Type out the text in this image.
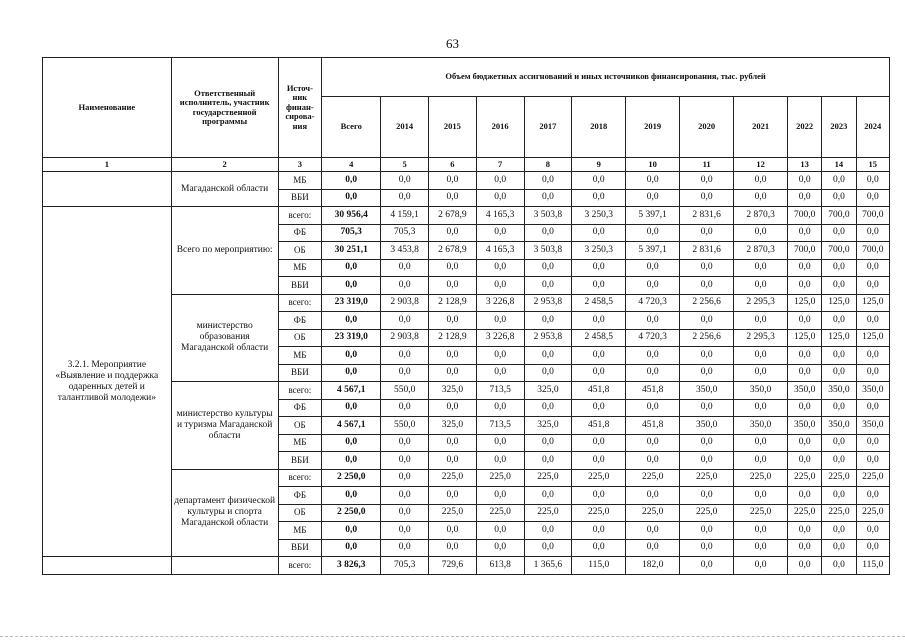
63
Наименование	Ответственный исполнитель, участник государственной программы	Источ-ник финан-сирова-ния	Объем бюджетных ассигнований и иных источников финансирования, тыс. рублей											
			Всего	2014	2015	2016	2017	2018	2019	2020	2021	2022	2023	2024
1	2	3	4	5	6	7	8	9	10	11	12	13	14	15
	Магаданской области	МБ	0,0	0,0	0,0	0,0	0,0	0,0	0,0	0,0	0,0	0,0	0,0	0,0
		ВБИ	0,0	0,0	0,0	0,0	0,0	0,0	0,0	0,0	0,0	0,0	0,0	0,0
3.2.1. Мероприятие «Выявление и поддержка одаренных детей и талантливой молодежи»	Всего по мероприятию:	всего:	30 956,4	4 159,1	2 678,9	4 165,3	3 503,8	3 250,3	5 397,1	2 831,6	2 870,3	700,0	700,0	700,0
		ФБ	705,3	705,3	0,0	0,0	0,0	0,0	0,0	0,0	0,0	0,0	0,0	0,0
		ОБ	30 251,1	3 453,8	2 678,9	4 165,3	3 503,8	3 250,3	5 397,1	2 831,6	2 870,3	700,0	700,0	700,0
		МБ	0,0	0,0	0,0	0,0	0,0	0,0	0,0	0,0	0,0	0,0	0,0	0,0
		ВБИ	0,0	0,0	0,0	0,0	0,0	0,0	0,0	0,0	0,0	0,0	0,0	0,0
	министерство образования Магаданской области	всего:	23 319,0	2 903,8	2 128,9	3 226,8	2 953,8	2 458,5	4 720,3	2 256,6	2 295,3	125,0	125,0	125,0
		ФБ	0,0	0,0	0,0	0,0	0,0	0,0	0,0	0,0	0,0	0,0	0,0	0,0
		ОБ	23 319,0	2 903,8	2 128,9	3 226,8	2 953,8	2 458,5	4 720,3	2 256,6	2 295,3	125,0	125,0	125,0
		МБ	0,0	0,0	0,0	0,0	0,0	0,0	0,0	0,0	0,0	0,0	0,0	0,0
		ВБИ	0,0	0,0	0,0	0,0	0,0	0,0	0,0	0,0	0,0	0,0	0,0	0,0
	министерство культуры и туризма Магаданской области	всего:	4 567,1	550,0	325,0	713,5	325,0	451,8	451,8	350,0	350,0	350,0	350,0	350,0
		ФБ	0,0	0,0	0,0	0,0	0,0	0,0	0,0	0,0	0,0	0,0	0,0	0,0
		ОБ	4 567,1	550,0	325,0	713,5	325,0	451,8	451,8	350,0	350,0	350,0	350,0	350,0
		МБ	0,0	0,0	0,0	0,0	0,0	0,0	0,0	0,0	0,0	0,0	0,0	0,0
		ВБИ	0,0	0,0	0,0	0,0	0,0	0,0	0,0	0,0	0,0	0,0	0,0	0,0
	департамент физической культуры и спорта Магаданской области	всего:	2 250,0	0,0	225,0	225,0	225,0	225,0	225,0	225,0	225,0	225,0	225,0	225,0
		ФБ	0,0	0,0	0,0	0,0	0,0	0,0	0,0	0,0	0,0	0,0	0,0	0,0
		ОБ	2 250,0	0,0	225,0	225,0	225,0	225,0	225,0	225,0	225,0	225,0	225,0	225,0
		МБ	0,0	0,0	0,0	0,0	0,0	0,0	0,0	0,0	0,0	0,0	0,0	0,0
		ВБИ	0,0	0,0	0,0	0,0	0,0	0,0	0,0	0,0	0,0	0,0	0,0	0,0
		всего:	3 826,3	705,3	729,6	613,8	1 365,6	115,0	182,0	0,0	0,0	0,0	0,0	115,0
